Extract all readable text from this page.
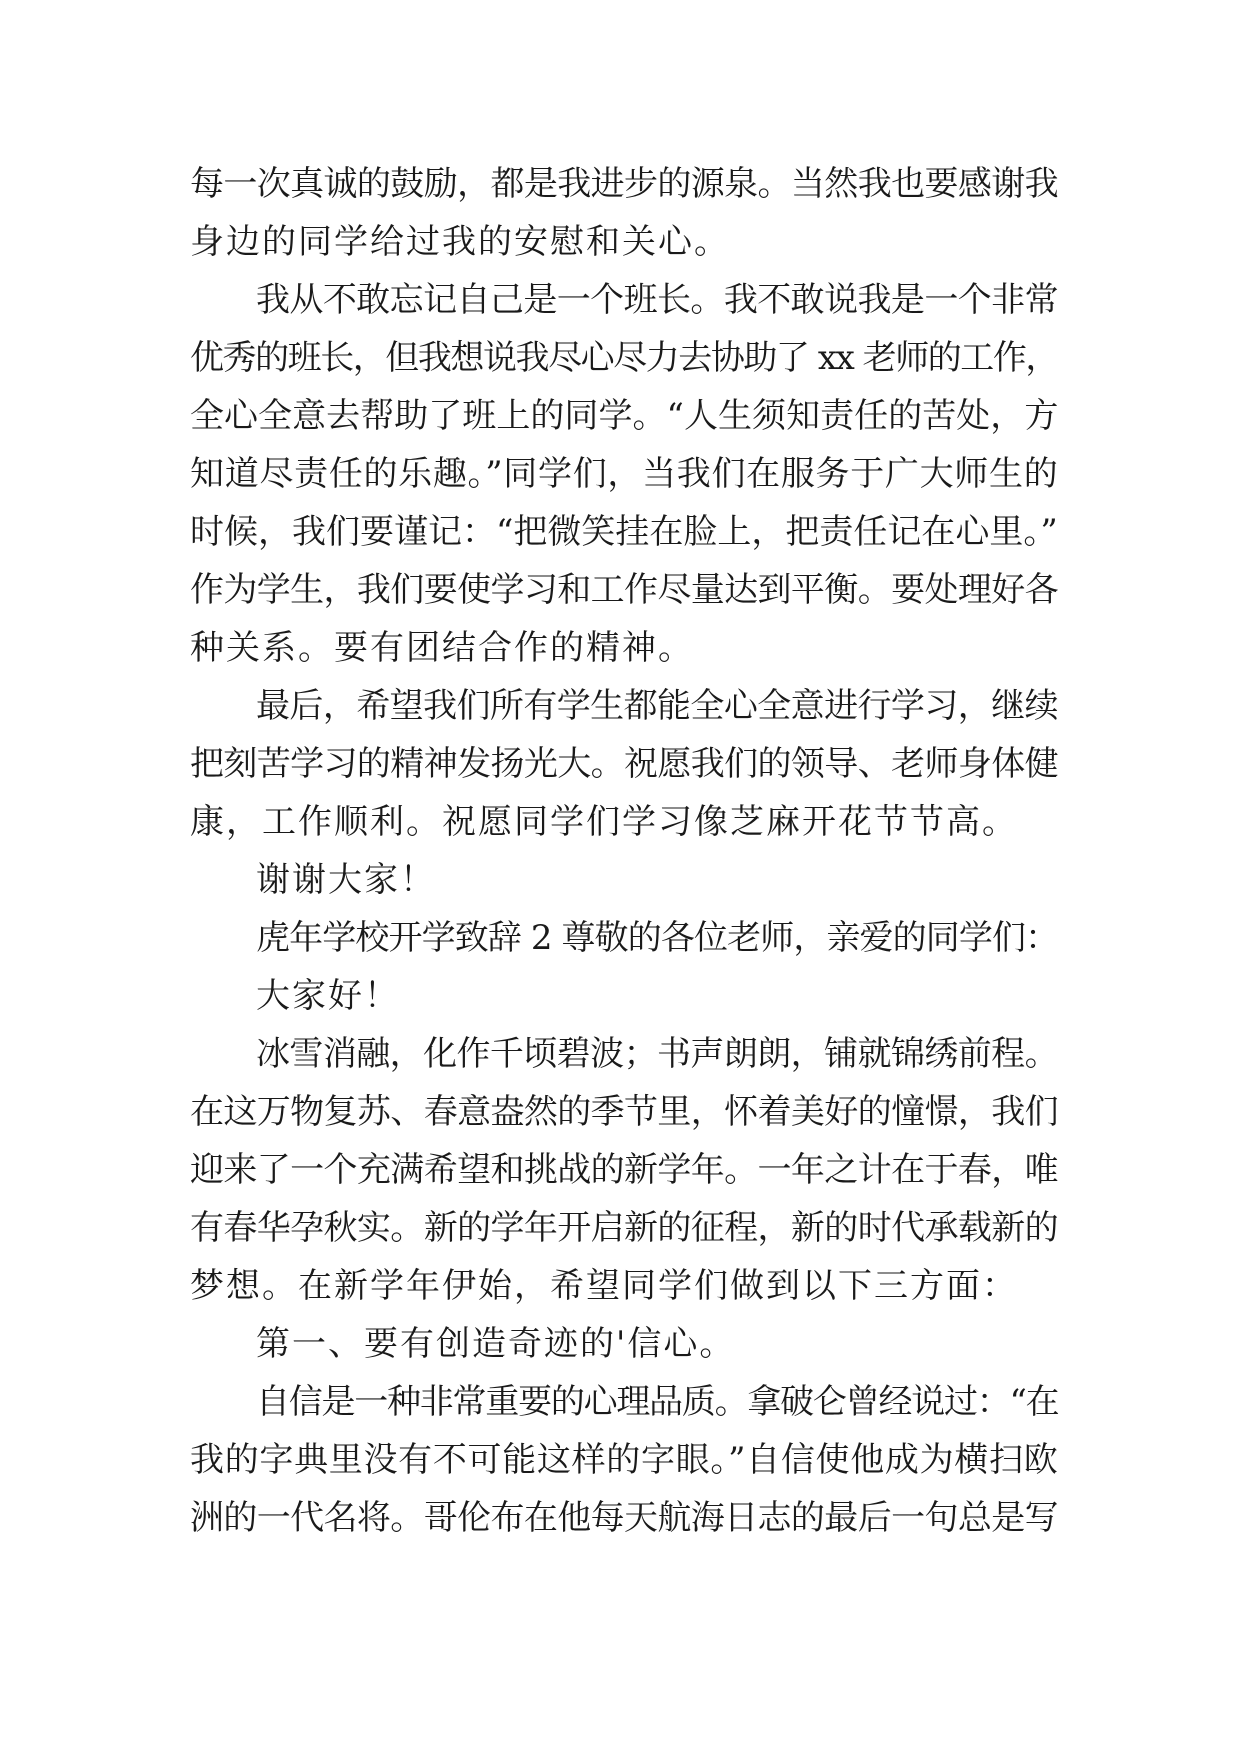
每一次真诚的鼓励，都是我进步的源泉。当然我也要感谢我
身边的同学给过我的安慰和关心。
我从不敢忘记自己是一个班长。我不敢说我是一个非常
优秀的班长，但我想说我尽心尽力去协助了 xx 老师的工作，
全心全意去帮助了班上的同学。“人生须知责任的苦处，方
知道尽责任的乐趣。”同学们，当我们在服务于广大师生的
时候，我们要谨记：“把微笑挂在脸上，把责任记在心里。”
作为学生，我们要使学习和工作尽量达到平衡。要处理好各
种关系。要有团结合作的精神。
最后，希望我们所有学生都能全心全意进行学习，继续
把刻苦学习的精神发扬光大。祝愿我们的领导、老师身体健
康，工作顺利。祝愿同学们学习像芝麻开花节节高。
谢谢大家！
虎年学校开学致辞 2 尊敬的各位老师，亲爱的同学们：
大家好！
冰雪消融，化作千顷碧波；书声朗朗，铺就锦绣前程。
在这万物复苏、春意盎然的季节里，怀着美好的憧憬，我们
迎来了一个充满希望和挑战的新学年。一年之计在于春，唯
有春华孕秋实。新的学年开启新的征程，新的时代承载新的
梦想。在新学年伊始，希望同学们做到以下三方面：
第一、要有创造奇迹的'信心。
自信是一种非常重要的心理品质。拿破仑曾经说过：“在
我的字典里没有不可能这样的字眼。”自信使他成为横扫欧
洲的一代名将。哥伦布在他每天航海日志的最后一句总是写
